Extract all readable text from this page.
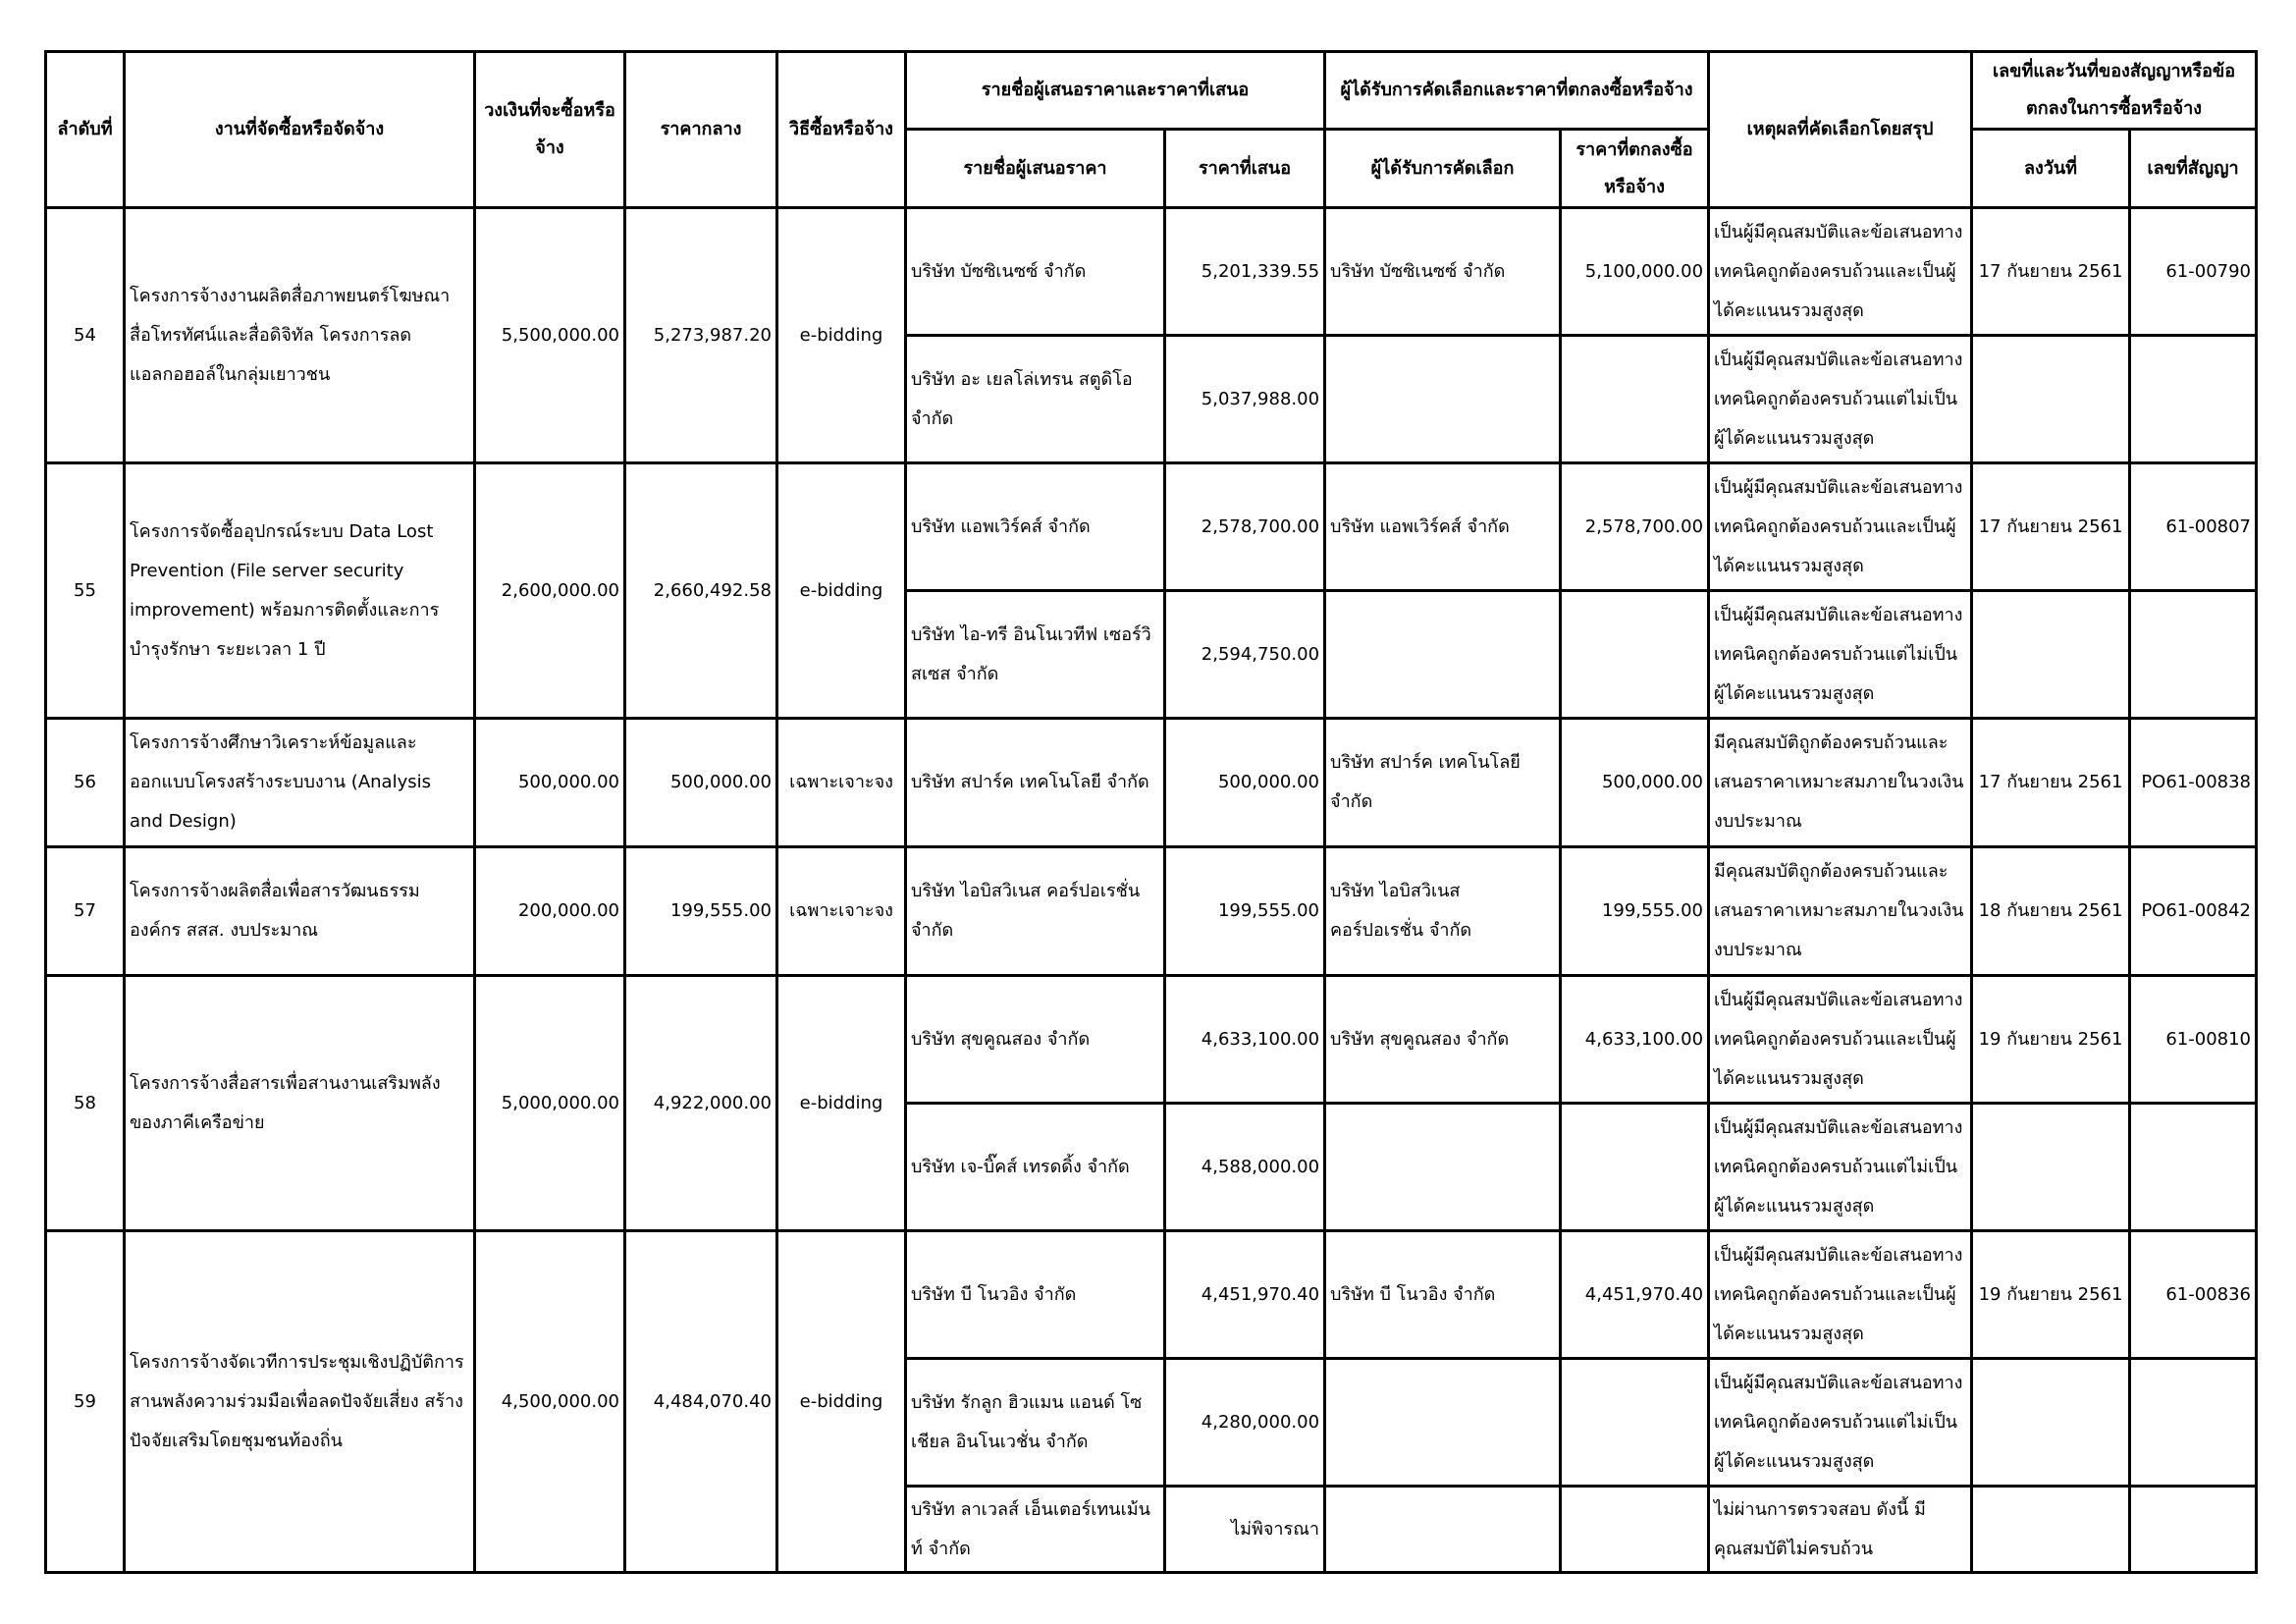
ลำดับที่	งานที่จัดซื้อหรือจัดจ้าง	วงเงินที่จะซื้อหรือจ้าง	ราคากลาง	วิธีซื้อหรือจ้าง	รายชื่อผู้เสนอราคาและราคาที่เสนอ		ผู้ได้รับการคัดเลือกและราคาที่ตกลงซื้อหรือจ้าง		เหตุผลที่คัดเลือกโดยสรุป	เลขที่และวันที่ของสัญญาหรือข้อตกลงในการซื้อหรือจ้าง	
					รายชื่อผู้เสนอราคา	ราคาที่เสนอ	ผู้ได้รับการคัดเลือก	ราคาที่ตกลงซื้อหรือจ้าง		ลงวันที่	เลขที่สัญญา
54	โครงการจ้างงานผลิตสื่อภาพยนตร์โฆษณาสื่อโทรทัศน์และสื่อดิจิทัล โครงการลดแอลกอฮอล์ในกลุ่มเยาวชน	5,500,000.00	5,273,987.20	e-bidding	บริษัท บัซซิเนซซ์ จำกัด	5,201,339.55	บริษัท บัซซิเนซซ์ จำกัด	5,100,000.00	เป็นผู้มีคุณสมบัติและข้อเสนอทางเทคนิคถูกต้องครบถ้วนและเป็นผู้ได้คะแนนรวมสูงสุด	17 กันยายน 2561	61-00790
					บริษัท อะ เยลโล่เทรน สตูดิโอ จำกัด	5,037,988.00			เป็นผู้มีคุณสมบัติและข้อเสนอทางเทคนิคถูกต้องครบถ้วนแต่ไม่เป็นผู้ได้คะแนนรวมสูงสุด		
55	โครงการจัดซื้ออุปกรณ์ระบบ Data Lost Prevention (File server security improvement) พร้อมการติดตั้งและการบำรุงรักษา ระยะเวลา 1 ปี	2,600,000.00	2,660,492.58	e-bidding	บริษัท แอพเวิร์คส์ จำกัด	2,578,700.00	บริษัท แอพเวิร์คส์ จำกัด	2,578,700.00	เป็นผู้มีคุณสมบัติและข้อเสนอทางเทคนิคถูกต้องครบถ้วนและเป็นผู้ได้คะแนนรวมสูงสุด	17 กันยายน 2561	61-00807
					บริษัท ไอ-ทรี อินโนเวทีฟ เซอร์วิสเซส จำกัด	2,594,750.00			เป็นผู้มีคุณสมบัติและข้อเสนอทางเทคนิคถูกต้องครบถ้วนแต่ไม่เป็นผู้ได้คะแนนรวมสูงสุด		
56	โครงการจ้างศึกษาวิเคราะห์ข้อมูลและออกแบบโครงสร้างระบบงาน (Analysis and Design)	500,000.00	500,000.00	เฉพาะเจาะจง	บริษัท สปาร์ค เทคโนโลยี จำกัด	500,000.00	บริษัท สปาร์ค เทคโนโลยี จำกัด	500,000.00	มีคุณสมบัติถูกต้องครบถ้วนและเสนอราคาเหมาะสมภายในวงเงินงบประมาณ	17 กันยายน 2561	PO61-00838
57	โครงการจ้างผลิตสื่อเพื่อสารวัฒนธรรมองค์กร สสส. งบประมาณ	200,000.00	199,555.00	เฉพาะเจาะจง	บริษัท ไอบิสวิเนส คอร์ปอเรชั่น จำกัด	199,555.00	บริษัท ไอบิสวิเนส คอร์ปอเรชั่น จำกัด	199,555.00	มีคุณสมบัติถูกต้องครบถ้วนและเสนอราคาเหมาะสมภายในวงเงินงบประมาณ	18 กันยายน 2561	PO61-00842
58	โครงการจ้างสื่อสารเพื่อสานงานเสริมพลังของภาคีเครือข่าย	5,000,000.00	4,922,000.00	e-bidding	บริษัท สุขคูณสอง จำกัด	4,633,100.00	บริษัท สุขคูณสอง จำกัด	4,633,100.00	เป็นผู้มีคุณสมบัติและข้อเสนอทางเทคนิคถูกต้องครบถ้วนและเป็นผู้ได้คะแนนรวมสูงสุด	19 กันยายน 2561	61-00810
					บริษัท เจ-บิ๊คส์ เทรดดิ้ง จำกัด	4,588,000.00			เป็นผู้มีคุณสมบัติและข้อเสนอทางเทคนิคถูกต้องครบถ้วนแต่ไม่เป็นผู้ได้คะแนนรวมสูงสุด		
59	โครงการจ้างจัดเวทีการประชุมเชิงปฏิบัติการสานพลังความร่วมมือเพื่อลดปัจจัยเสี่ยง สร้างปัจจัยเสริมโดยชุมชนท้องถิ่น	4,500,000.00	4,484,070.40	e-bidding	บริษัท บี โนวอิง จำกัด	4,451,970.40	บริษัท บี โนวอิง จำกัด	4,451,970.40	เป็นผู้มีคุณสมบัติและข้อเสนอทางเทคนิคถูกต้องครบถ้วนและเป็นผู้ได้คะแนนรวมสูงสุด	19 กันยายน 2561	61-00836
					บริษัท รักลูก ฮิวแมน แอนด์ โซเชียล อินโนเวชั่น จำกัด	4,280,000.00			เป็นผู้มีคุณสมบัติและข้อเสนอทางเทคนิคถูกต้องครบถ้วนแต่ไม่เป็นผู้ได้คะแนนรวมสูงสุด		
					บริษัท ลาเวลส์ เอ็นเตอร์เทนเม้นท์ จำกัด	ไม่พิจารณา			ไม่ผ่านการตรวจสอบ ดังนี้ มีคุณสมบัติไม่ครบถ้วน		
